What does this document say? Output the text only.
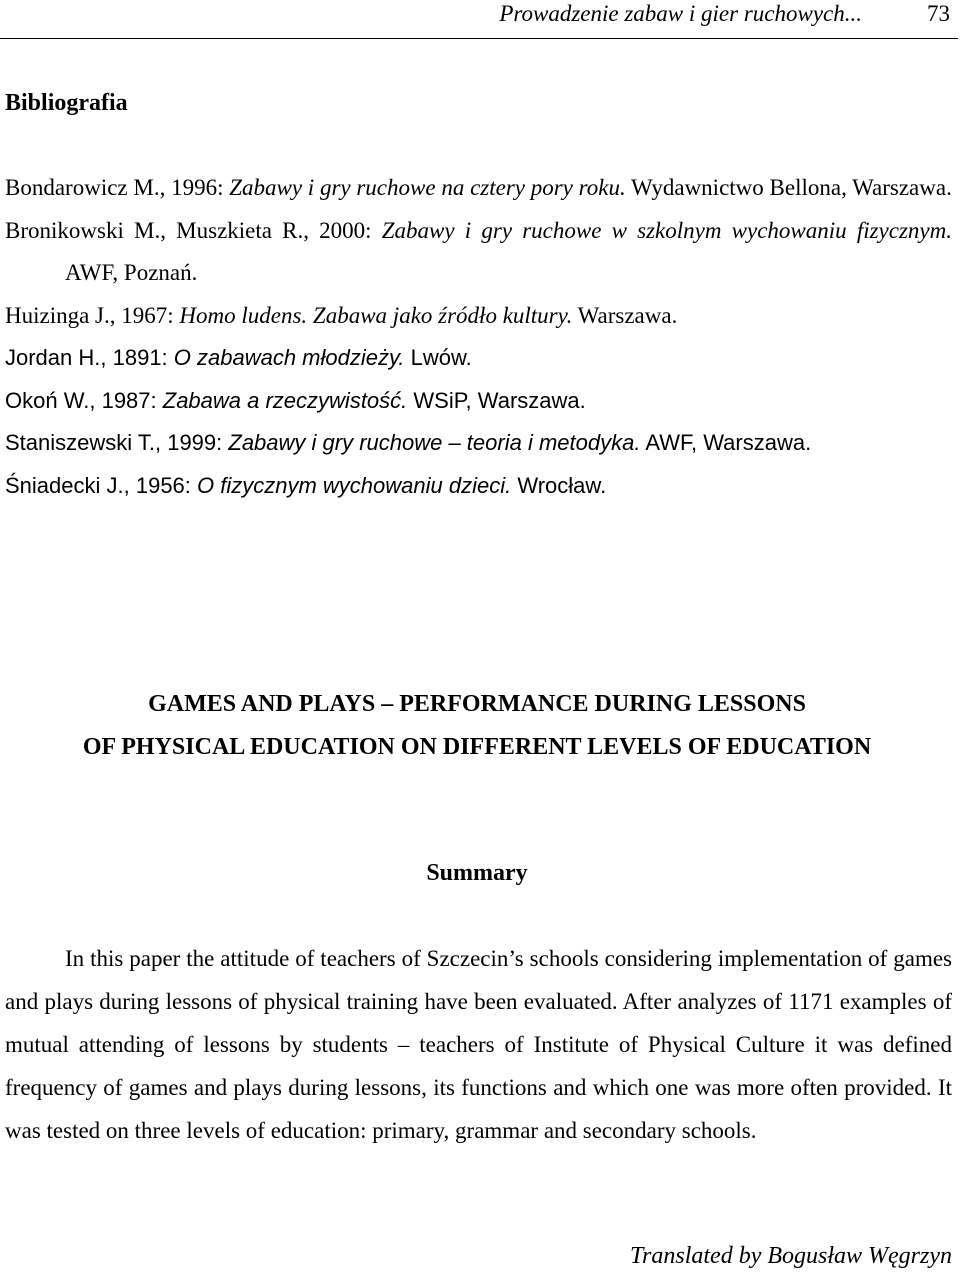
Prowadzenie zabaw i gier ruchowych...	73
Bibliografia
Bondarowicz M., 1996: Zabawy i gry ruchowe na cztery pory roku. Wydawnictwo Bellona, Warszawa.
Bronikowski M., Muszkieta R., 2000: Zabawy i gry ruchowe w szkolnym wychowaniu fizycznym. AWF, Poznań.
Huizinga J., 1967: Homo ludens. Zabawa jako źródło kultury. Warszawa.
Jordan H., 1891: O zabawach młodzieży. Lwów.
Okoń W., 1987: Zabawa a rzeczywistość. WSiP, Warszawa.
Staniszewski T., 1999: Zabawy i gry ruchowe – teoria i metodyka. AWF, Warszawa.
Śniadecki J., 1956: O fizycznym wychowaniu dzieci. Wrocław.
GAMES AND PLAYS – PERFORMANCE DURING LESSONS
OF PHYSICAL EDUCATION ON DIFFERENT LEVELS OF EDUCATION
Summary

In this paper the attitude of teachers of Szczecin’s schools considering implementation of games and plays during lessons of physical training have been evaluated. After analyzes of 1171 examples of mutual attending of lessons by students – teachers of Institute of Physical Culture it was defined frequency of games and plays during lessons, its functions and which one was more often provided. It was tested on three levels of education: primary, grammar and secondary schools.

Translated by Bogusław Węgrzyn
